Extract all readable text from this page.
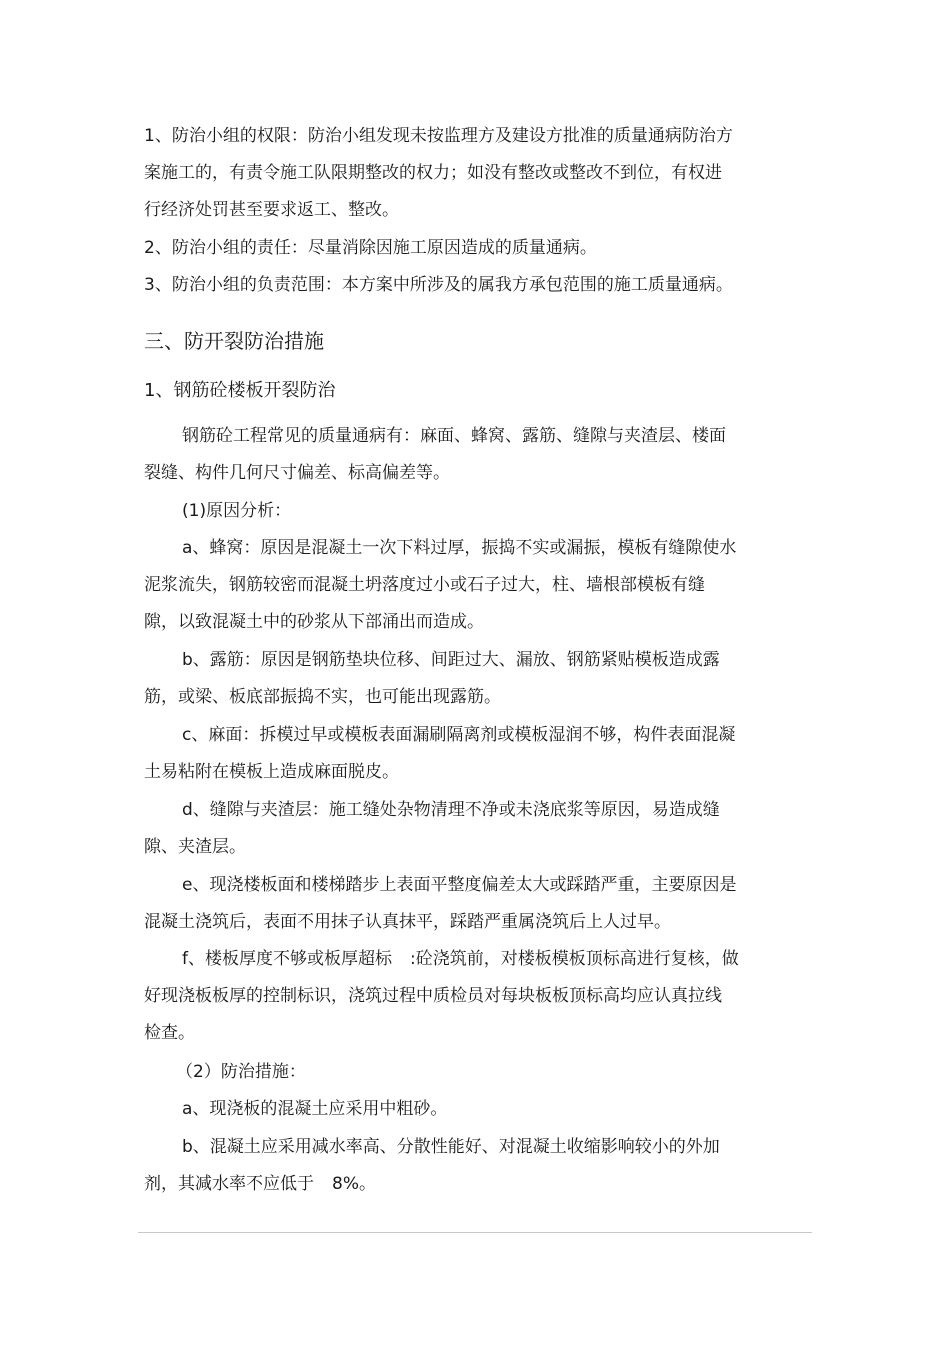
1、防治小组的权限：防治小组发现未按监理方及建设方批准的质量通病防治方
案施工的，有责令施工队限期整改的权力；如没有整改或整改不到位，有权进
行经济处罚甚至要求返工、整改。
2、防治小组的责任：尽量消除因施工原因造成的质量通病。
3、防治小组的负责范围：本方案中所涉及的属我方承包范围的施工质量通病。
三、防开裂防治措施
1、钢筋砼楼板开裂防治
钢筋砼工程常见的质量通病有：麻面、蜂窝、露筋、缝隙与夹渣层、楼面
裂缝、构件几何尺寸偏差、标高偏差等。
(1)原因分析：
a、蜂窝：原因是混凝土一次下料过厚，振捣不实或漏振，模板有缝隙使水
泥浆流失，钢筋较密而混凝土坍落度过小或石子过大，柱、墙根部模板有缝
隙，以致混凝土中的砂浆从下部涌出而造成。
b、露筋：原因是钢筋垫块位移、间距过大、漏放、钢筋紧贴模板造成露
筋，或梁、板底部振捣不实，也可能出现露筋。
c、麻面：拆模过早或模板表面漏刷隔离剂或模板湿润不够，构件表面混凝
土易粘附在模板上造成麻面脱皮。
d、缝隙与夹渣层：施工缝处杂物清理不净或未浇底浆等原因，易造成缝
隙、夹渣层。
e、现浇楼板面和楼梯踏步上表面平整度偏差太大或踩踏严重，主要原因是
混凝土浇筑后，表面不用抹子认真抹平，踩踏严重属浇筑后上人过早。
f、楼板厚度不够或板厚超标 :砼浇筑前，对楼板模板顶标高进行复核，做
好现浇板板厚的控制标识，浇筑过程中质检员对每块板板顶标高均应认真拉线
检查。
（2）防治措施：
a、现浇板的混凝土应采用中粗砂。
b、混凝土应采用减水率高、分散性能好、对混凝土收缩影响较小的外加
剂，其减水率不应低于 8%。
